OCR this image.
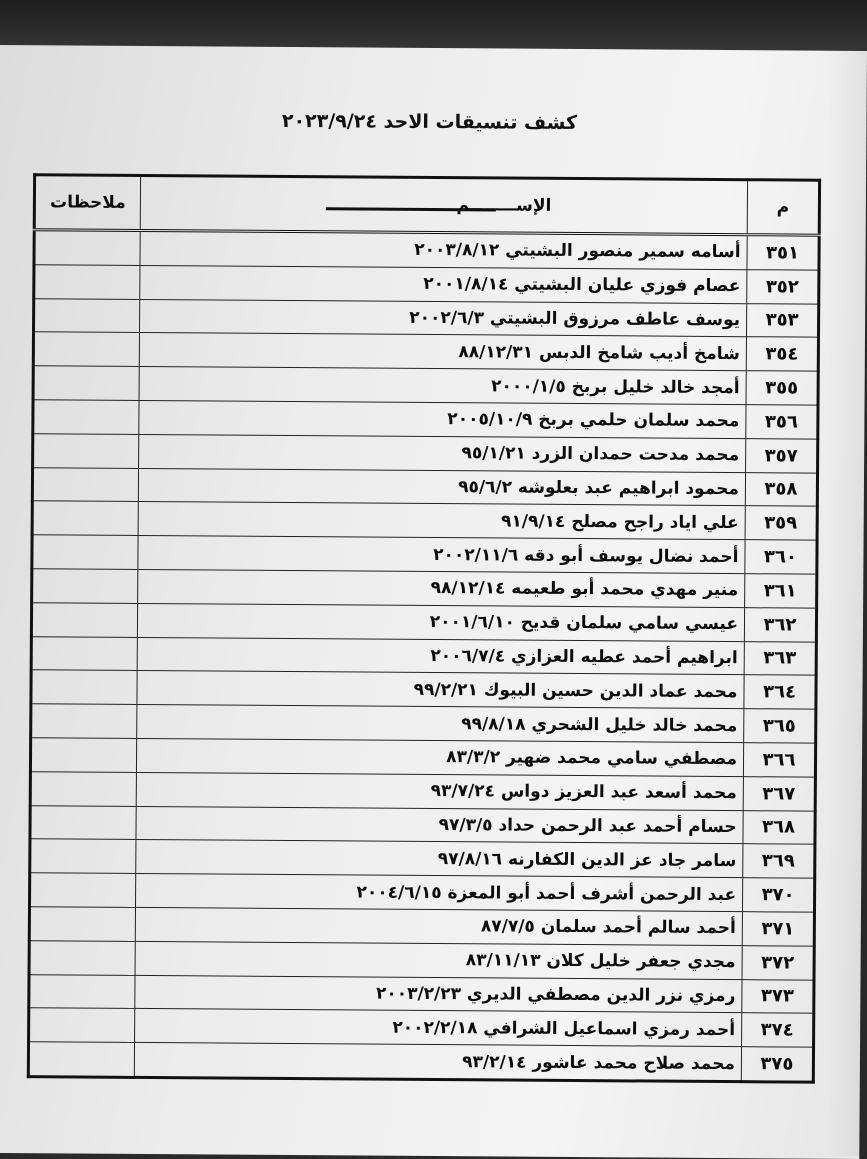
كشف تنسيقات الاحد ٢٠٢٣/٩/٢٤
م	الإســــــــم	ملاحظات
٣٥١	أسامه سمير منصور البشيتي ٢٠٠٣/٨/١٢	
٣٥٢	عصام فوزي عليان البشيتي ٢٠٠١/٨/١٤	
٣٥٣	يوسف عاطف مرزوق البشيتي ٢٠٠٢/٦/٣	
٣٥٤	شامخ أديب شامخ الدبس ٨٨/١٢/٣١	
٣٥٥	أمجد خالد خليل بربخ ٢٠٠٠/١/٥	
٣٥٦	محمد سلمان حلمي بربخ ٢٠٠٥/١٠/٩	
٣٥٧	محمد مدحت حمدان الزرد ٩٥/١/٢١	
٣٥٨	محمود ابراهيم عبد بعلوشه ٩٥/٦/٢	
٣٥٩	علي اياد راجح مصلح ٩١/٩/١٤	
٣٦٠	أحمد نضال يوسف أبو دقه ٢٠٠٢/١١/٦	
٣٦١	منير مهدي محمد أبو طعيمه ٩٨/١٢/١٤	
٣٦٢	عيسي سامي سلمان قديح ٢٠٠١/٦/١٠	
٣٦٣	ابراهيم أحمد عطيه العزازي ٢٠٠٦/٧/٤	
٣٦٤	محمد عماد الدين حسين البيوك ٩٩/٢/٢١	
٣٦٥	محمد خالد خليل الشحري ٩٩/٨/١٨	
٣٦٦	مصطفي سامي محمد ضهير ٨٣/٣/٢	
٣٦٧	محمد أسعد عبد العزيز دواس ٩٣/٧/٢٤	
٣٦٨	حسام أحمد عبد الرحمن حداد ٩٧/٣/٥	
٣٦٩	سامر جاد عز الدين الكفارنه ٩٧/٨/١٦	
٣٧٠	عبد الرحمن أشرف أحمد أبو المعزة ٢٠٠٤/٦/١٥	
٣٧١	أحمد سالم أحمد سلمان ٨٧/٧/٥	
٣٧٢	مجدي جعفر خليل كلان ٨٣/١١/١٣	
٣٧٣	رمزي نزر الدين مصطفي الديري ٢٠٠٣/٢/٢٣	
٣٧٤	أحمد رمزي اسماعيل الشرافي ٢٠٠٢/٢/١٨	
٣٧٥	محمد صلاح محمد عاشور ٩٣/٢/١٤	
